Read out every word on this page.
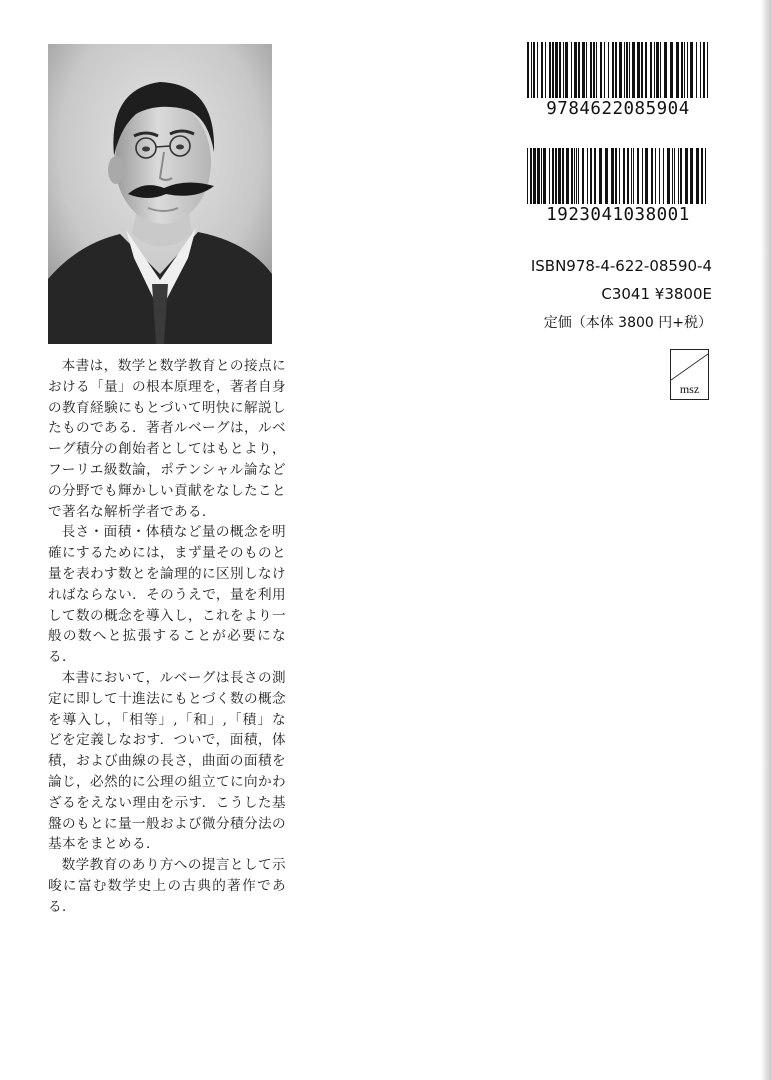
本書は，数学と数学教育との接点における「量」の根本原理を，著者自身の教育経験にもとづいて明快に解説したものである．著者ルベーグは，ルベーグ積分の創始者としてはもとより，フーリエ級数論，ポテンシャル論などの分野でも輝かしい貢献をなしたことで著名な解析学者である．

長さ・面積・体積など量の概念を明確にするためには，まず量そのものと量を表わす数とを論理的に区別しなければならない．そのうえで，量を利用して数の概念を導入し，これをより一般の数へと拡張することが必要になる．

本書において，ルベーグは長さの測定に即して十進法にもとづく数の概念を導入し，「相等」,「和」,「積」などを定義しなおす．ついで，面積，体積，および曲線の長さ，曲面の面積を論じ，必然的に公理の組立てに向かわざるをえない理由を示す．こうした基盤のもとに量一般および微分積分法の基本をまとめる．

数学教育のあり方への提言として示唆に富む数学史上の古典的著作である．

9784622085904
1923041038001
ISBN978-4-622-08590-4
C3041 ¥3800E
定価（本体 3800 円+税）
msz
